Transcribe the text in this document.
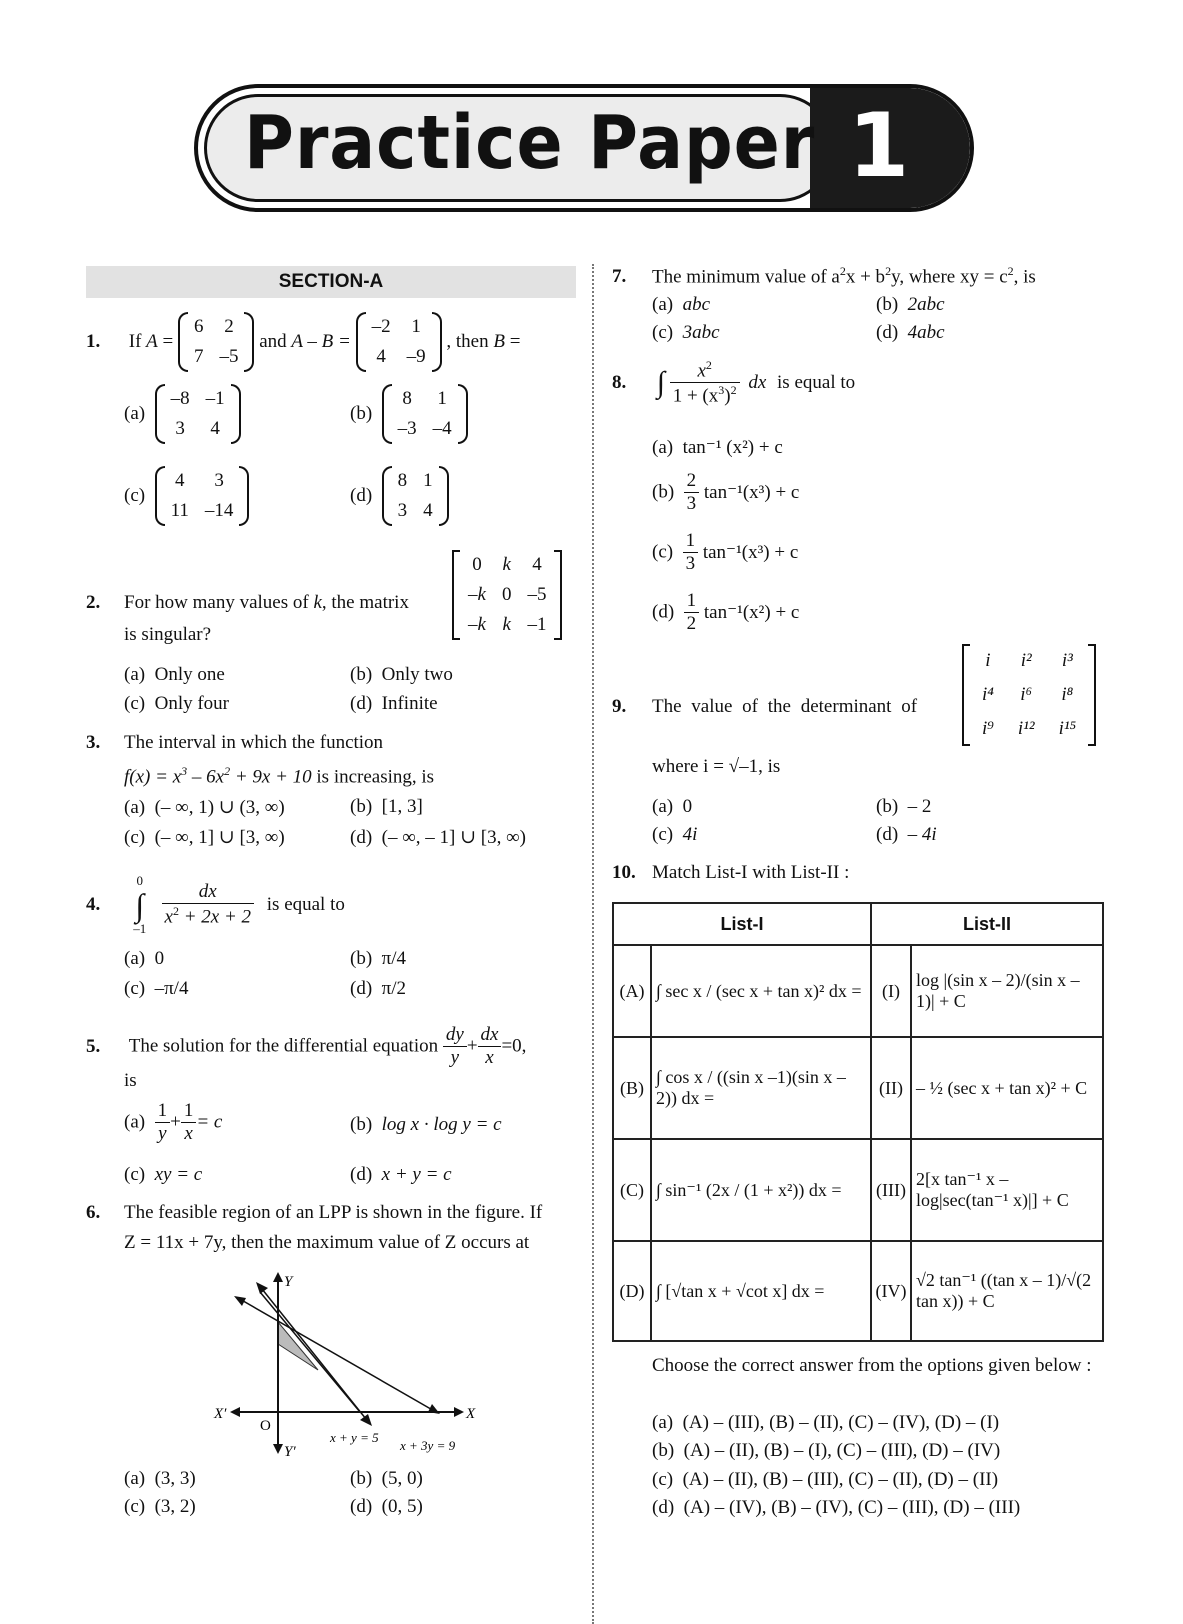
Practice Paper 1
SECTION-A
1. If A =
6	2
7	–5
and A – B =
–2	1
4	–9
, then B =
(a)
–8	–1
3	4
(b)
8	1
–3	–4
(c)
4	3
11	–14
(d)
8	1
3	4
0	k	4
–k	0	–5
–k	k	–1
2. For how many values of k, the matrix
is singular?
(a) Only one	(b) Only two
(c) Only four	(d) Infinite
3. The interval in which the function
$f(x) = x^3 - 6x^2 + 9x + 10$ is increasing, is
(a) (– ∞, 1) ∪ (3, ∞)	(b) [1, 3]
(c) (– ∞, 1] ∪ [3, ∞)	(d) (– ∞, – 1] ∪ [3, ∞)
4.
0
∫
–1
$\frac{dx}{x^2 + 2x + 2}$ is equal to
(a) 0	(b) π/4
(c) –π/4	(d) π/2
5. The solution for the differential equation $\frac{dy}{y} + \frac{dx}{x} =0$,
is
$(a) \frac{1}{y} + \frac{1}{x} = c$	(b) log x · log y = c
(c) xy = c	(d) x + y = c
6. The feasible region of an LPP is shown in the figure. If
Z = 11x + 7y, then the maximum value of Z occurs at
Y
Y′
X
X′
O
x + y = 5
x + 3y = 9
(a) (3, 3)	(b) (5, 0)
(c) (3, 2)	(d) (0, 5)
7. The minimum value of $a^2x + b^2y$, where xy = $c^2$, is
(a) abc	(b) 2abc
(c) 3abc	(d) 4abc
8. ∫ $\frac{x^2}{1 + (x^3)^2}$ dx is equal to
(a) tan⁻¹ (x²) + c
$(b) \frac{2}{3} \tan^{-1}(x^3) + c$
$(c) \frac{1}{3} \tan^{-1}(x^3) + c$
$(d) \frac{1}{2} \tan^{-1}(x^2) + c$
i	i²	i³
i⁴	i⁶	i⁸
i⁹	i¹²	i¹⁵
9. The value of the determinant of
where i = √–1, is
(a) 0	(b) – 2
(c) 4i	(d) – 4i
10. Match List-I with List-II :
List-I		List-II	
(A)	∫ sec x / (sec x + tan x)² dx =	(I)	log |(sin x – 2)/(sin x – 1)| + C
(B)	∫ cos x / ((sin x –1)(sin x –2)) dx =	(II)	– ½ (sec x + tan x)² + C
(C)	∫ sin⁻¹ (2x / (1 + x²)) dx =	(III)	2[x tan⁻¹ x – log|sec(tan⁻¹ x)|] + C
(D)	∫ [√tan x + √cot x] dx =	(IV)	√2 tan⁻¹ ((tan x – 1)/√(2 tan x)) + C
Choose the correct answer from the options given below :
(a) (A) – (III), (B) – (II), (C) – (IV), (D) – (I)
(b) (A) – (II), (B) – (I), (C) – (III), (D) – (IV)
(c) (A) – (II), (B) – (III), (C) – (II), (D) – (II)
(d) (A) – (IV), (B) – (IV), (C) – (III), (D) – (III)
